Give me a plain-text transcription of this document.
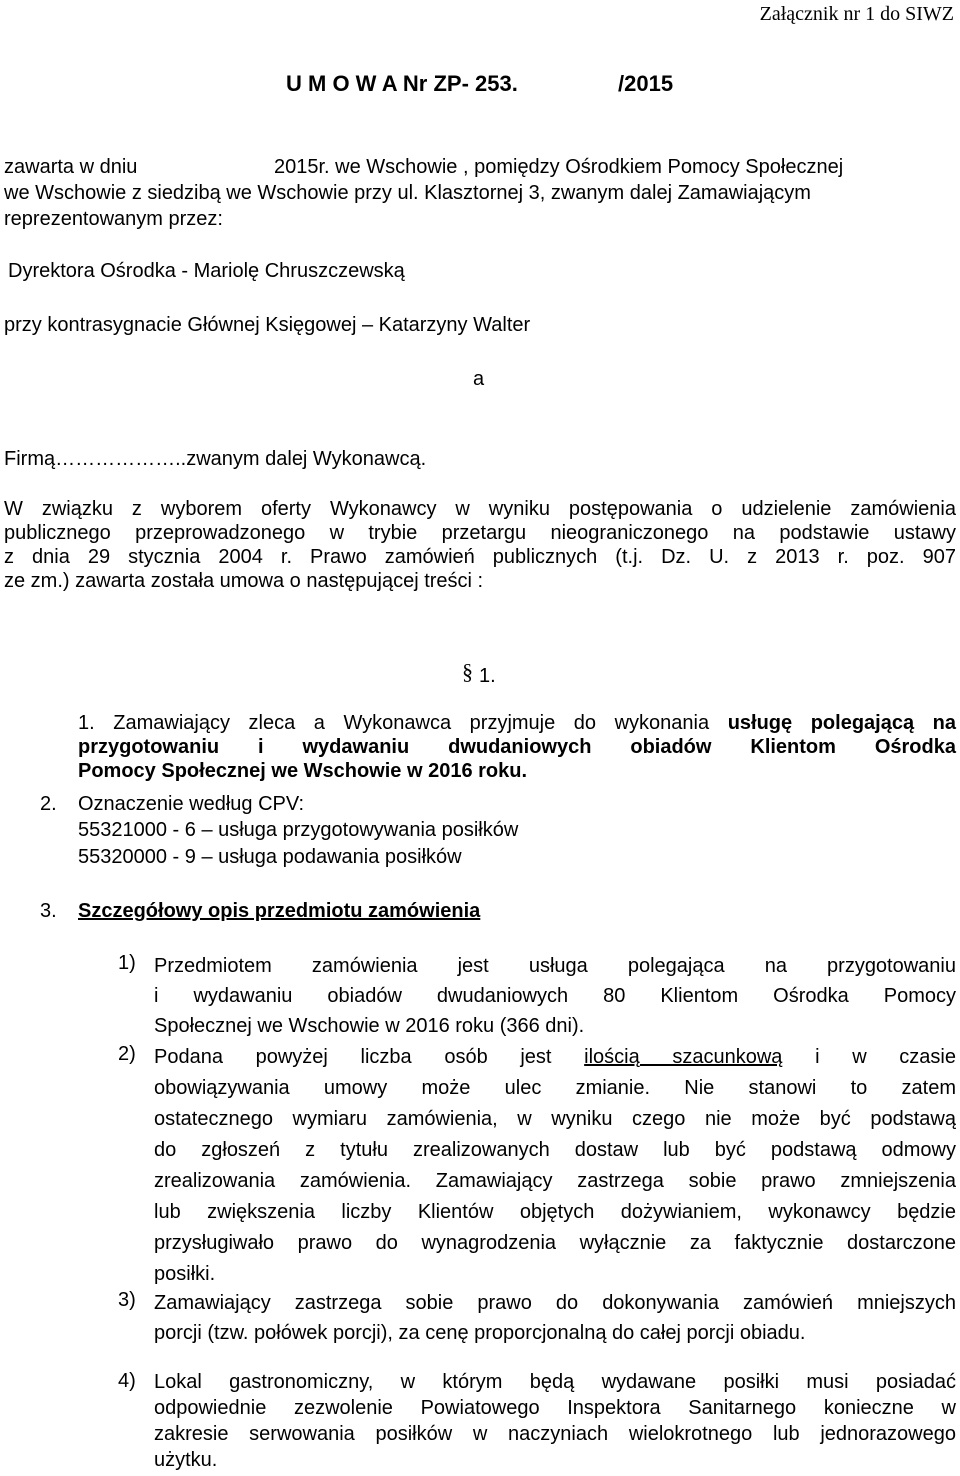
Załącznik nr 1 do SIWZ
U M O W A Nr ZP- 253.	/2015
zawarta w dniu	2015r. we Wschowie , pomiędzy Ośrodkiem Pomocy Społecznej
we Wschowie z siedzibą we Wschowie przy ul. Klasztornej 3, zwanym dalej Zamawiającym
reprezentowanym przez:
Dyrektora Ośrodka - Mariolę Chruszczewską
przy kontrasygnacie Głównej Księgowej – Katarzyny Walter
a
Firmą………………..zwanym dalej Wykonawcą.
W związku z wyborem oferty Wykonawcy w wyniku postępowania o udzielenie zamówienia
publicznego przeprowadzonego w trybie przetargu nieograniczonego na podstawie ustawy
z dnia 29 stycznia 2004 r. Prawo zamówień publicznych (t.j. Dz. U. z 2013 r. poz. 907
ze zm.) zawarta została umowa o następującej treści :
§ 1.
1. Zamawiający zleca a Wykonawca przyjmuje do wykonania usługę polegającą na
przygotowaniu i wydawaniu dwudaniowych obiadów Klientom Ośrodka
Pomocy Społecznej we Wschowie w 2016 roku.
2. Oznaczenie według CPV:
55321000 - 6 – usługa przygotowywania posiłków
55320000 - 9 – usługa podawania posiłków
3. Szczegółowy opis przedmiotu zamówienia
1) Przedmiotem zamówienia jest usługa polegająca na przygotowaniu
i wydawaniu obiadów dwudaniowych 80 Klientom Ośrodka Pomocy
Społecznej we Wschowie w 2016 roku (366 dni).
2) Podana powyżej liczba osób jest ilością szacunkową i w czasie
obowiązywania umowy może ulec zmianie. Nie stanowi to zatem
ostatecznego wymiaru zamówienia, w wyniku czego nie może być podstawą
do zgłoszeń z tytułu zrealizowanych dostaw lub być podstawą odmowy
zrealizowania zamówienia. Zamawiający zastrzega sobie prawo zmniejszenia
lub zwiększenia liczby Klientów objętych dożywianiem, wykonawcy będzie
przysługiwało prawo do wynagrodzenia wyłącznie za faktycznie dostarczone
posiłki.
3) Zamawiający zastrzega sobie prawo do dokonywania zamówień mniejszych
porcji (tzw. połówek porcji), za cenę proporcjonalną do całej porcji obiadu.
4) Lokal gastronomiczny, w którym będą wydawane posiłki musi posiadać
odpowiednie zezwolenie Powiatowego Inspektora Sanitarnego konieczne w
zakresie serwowania posiłków w naczyniach wielokrotnego lub jednorazowego
użytku.
